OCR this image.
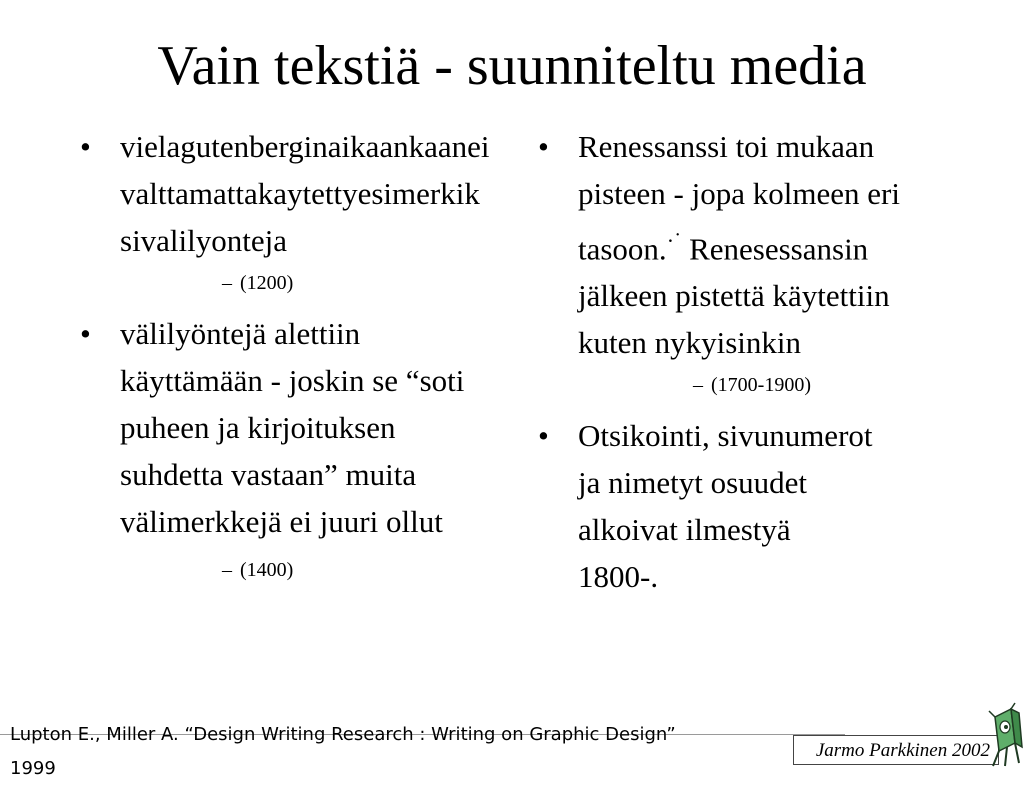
Vain tekstiä - suunniteltu media
• vielagutenberginaikaankaaneivalttamattakaytettyesimerkiksivalilyonteja
– (1200)
• välilyöntejä alettiin käyttämään - joskin se “soti puheen ja kirjoituksen suhdetta vastaan” muita välimerkkejä ei juuri ollut
– (1400)
• Renessanssi toi mukaan pisteen - jopa kolmeen eri tasoon.·˙ Renesessansin jälkeen pistettä käytettiin kuten nykyisinkin
– (1700-1900)
• Otsikointi, sivunumerot ja nimetyt osuudet alkoivat ilmestyä 1800-.
Lupton E., Miller A. “Design Writing Research : Writing on Graphic Design” 1999
Jarmo Parkkinen 2002
